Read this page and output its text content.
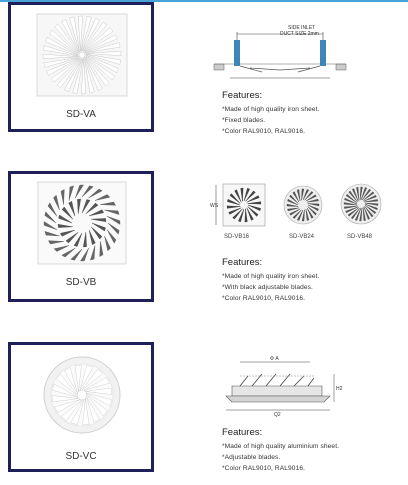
SD-VA
SIDE INLET
DUCT SIZE 2mm
Features:
*Made of high quality iron sheet.
*Fixed blades.
*Color RAL9010, RAL9016.
SD-VB
WS
SD-VB16	SD-VB24	SD-VB48
Features:
*Made of high quality iron sheet.
*With black adjustable blades.
*Color RAL9010, RAL9016.
SD-VC
Φ A
H2
Q2
Features:
*Made of high quality aluminium sheet.
*Adjustable blades.
*Color RAL9010, RAL9016.
